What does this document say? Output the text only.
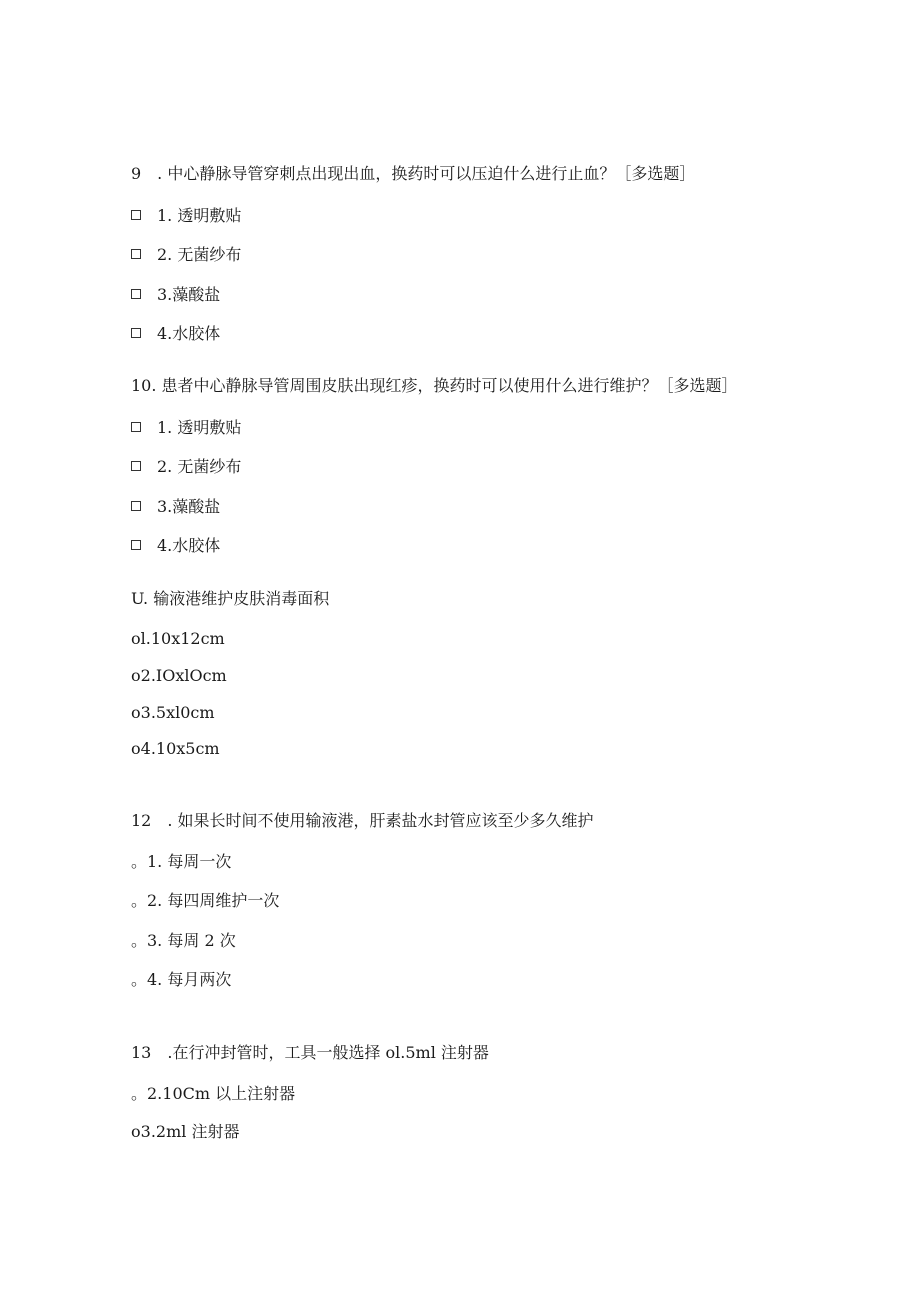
9　. 中心静脉导管穿刺点出现出血，换药时可以压迫什么进行止血？［多选题］
1. 透明敷贴
2. 无菌纱布
3.藻酸盐
4.水胶体
10. 患者中心静脉导管周围皮肤出现红疹，换药时可以使用什么进行维护？［多选题］
1. 透明敷贴
2. 无菌纱布
3.藻酸盐
4.水胶体
U. 输液港维护皮肤消毒面积
ol.10x12cm
o2.IOxlOcm
o3.5xl0cm
o4.10x5cm
12　. 如果长时间不使用输液港，肝素盐水封管应该至少多久维护
。1. 每周一次
。2. 每四周维护一次
。3. 每周 2 次
。4. 每月两次
13　.在行冲封管时，工具一般选择 ol.5ml 注射器
。2.10Cm 以上注射器
o3.2ml 注射器
